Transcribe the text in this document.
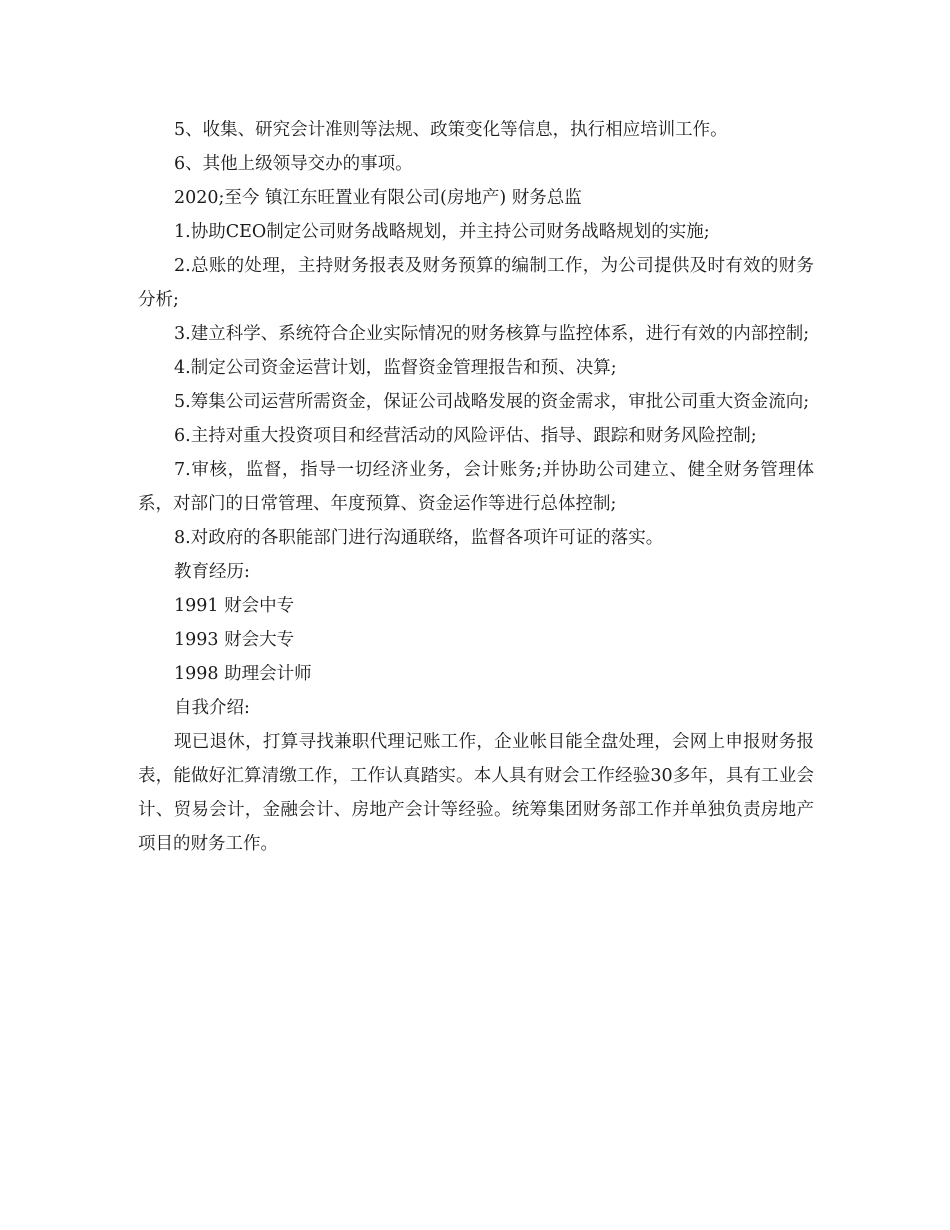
5、收集、研究会计准则等法规、政策变化等信息，执行相应培训工作。

6、其他上级领导交办的事项。

2020;至今 镇江东旺置业有限公司(房地产) 财务总监

1.协助CEO制定公司财务战略规划，并主持公司财务战略规划的实施;

2.总账的处理，主持财务报表及财务预算的编制工作，为公司提供及时有效的财务分析;

3.建立科学、系统符合企业实际情况的财务核算与监控体系，进行有效的内部控制;

4.制定公司资金运营计划，监督资金管理报告和预、决算;

5.筹集公司运营所需资金，保证公司战略发展的资金需求，审批公司重大资金流向;

6.主持对重大投资项目和经营活动的风险评估、指导、跟踪和财务风险控制;

7.审核，监督，指导一切经济业务，会计账务;并协助公司建立、健全财务管理体系，对部门的日常管理、年度预算、资金运作等进行总体控制;

8.对政府的各职能部门进行沟通联络，监督各项许可证的落实。

教育经历:

1991 财会中专

1993 财会大专

1998 助理会计师

自我介绍:

现已退休，打算寻找兼职代理记账工作，企业帐目能全盘处理，会网上申报财务报表，能做好汇算清缴工作，工作认真踏实。本人具有财会工作经验30多年，具有工业会计、贸易会计，金融会计、房地产会计等经验。统筹集团财务部工作并单独负责房地产项目的财务工作。
